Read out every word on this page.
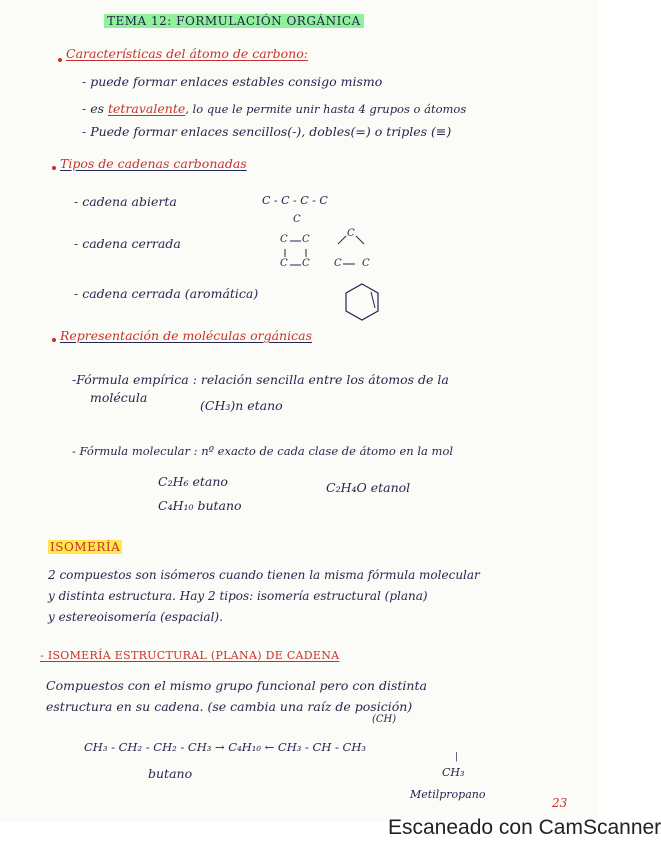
TEMA 12: FORMULACIÓN ORGÁNICA
Características del átomo de carbono:
- puede formar enlaces estables consigo mismo
- es tetravalente, lo que le permite unir hasta 4 grupos o átomos
- Puede formar enlaces sencillos(-), dobles(=) o triples (≡)
Tipos de cadenas carbonadas
- cadena abierta	C - C - C - C
C
- cadena cerrada	C C
C C
C
C C
- cadena cerrada (aromática)
Representación de moléculas orgánicas
-Fórmula empírica : relación sencilla entre los átomos de la
molécula
(CH₃)n etano
- Fórmula molecular : nº exacto de cada clase de átomo en la mol
C₂H₆ etano	C₂H₄O etanol
C₄H₁₀ butano
ISOMERÍA
2 compuestos son isómeros cuando tienen la misma fórmula molecular
y distinta estructura. Hay 2 tipos: isomería estructural (plana)
y estereoisomería (espacial).
- ISOMERÍA ESTRUCTURAL (PLANA) DE CADENA
Compuestos con el mismo grupo funcional pero con distinta
estructura en su cadena. (se cambia una raíz de posición)
(CH)
CH₃ - CH₂ - CH₂ - CH₃ → C₄H₁₀ ← CH₃ - CH - CH₃
|
CH₃
butano
Metilpropano
23
Escaneado con CamScanner
